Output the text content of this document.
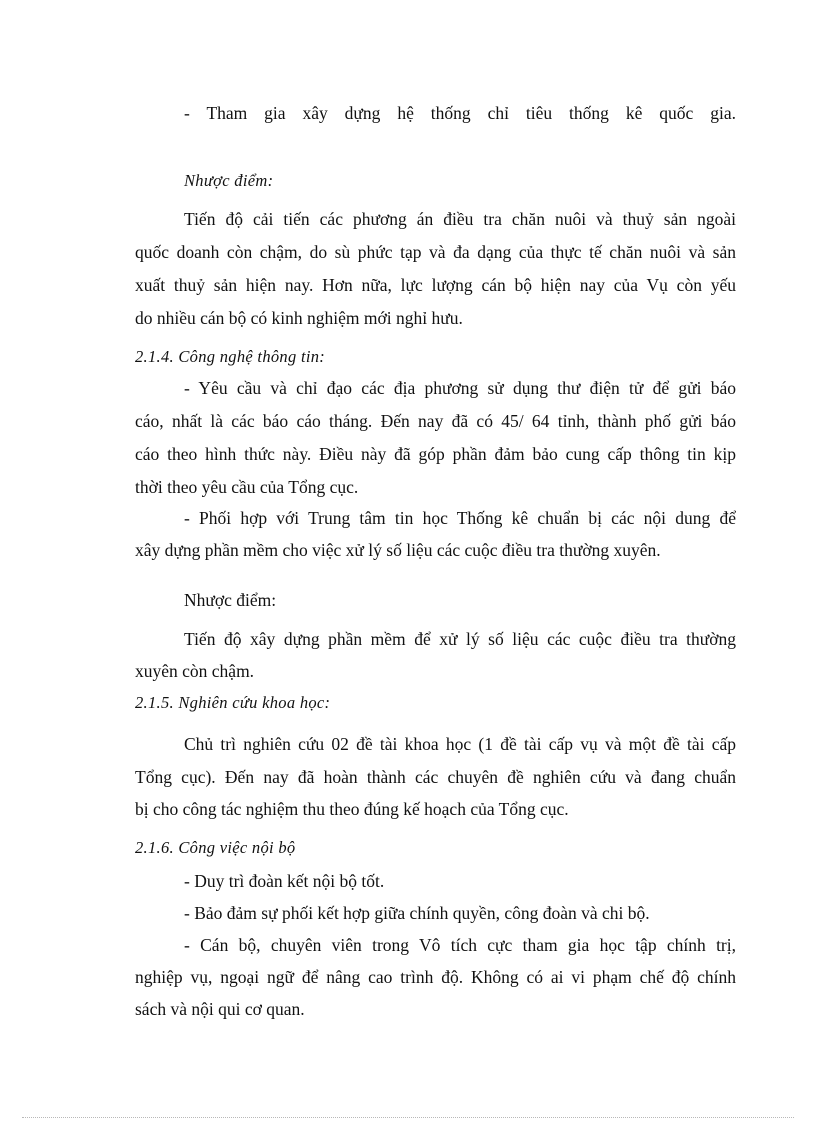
- Tham gia xây dựng hệ thống chỉ tiêu thống kê quốc gia.
Nhược điểm:
Tiến độ cải tiến các phương án điều tra chăn nuôi và thuỷ sản ngoài
quốc doanh còn chậm, do sù phức tạp và đa dạng của thực tế chăn nuôi và sản
xuất thuỷ sản hiện nay. Hơn nữa, lực lượng cán bộ hiện nay của Vụ còn yếu
do nhiều cán bộ có kinh nghiệm mới nghỉ hưu.
2.1.4. Công nghệ thông tin:
- Yêu cầu và chỉ đạo các địa phương sử dụng thư điện tử để gửi báo
cáo, nhất là các báo cáo tháng. Đến nay đã có 45/ 64 tỉnh, thành phố gửi báo
cáo theo hình thức này. Điều này đã góp phần đảm bảo cung cấp thông tin kịp
thời theo yêu cầu của Tổng cục.
- Phối hợp với Trung tâm tin học Thống kê chuẩn bị các nội dung để
xây dựng phần mềm cho việc xử lý số liệu các cuộc điều tra thường xuyên.
Nhược điểm:
Tiến độ xây dựng phần mềm để xử lý số liệu các cuộc điều tra thường
xuyên còn chậm.
2.1.5. Nghiên cứu khoa học:
Chủ trì nghiên cứu 02 đề tài khoa học (1 đề tài cấp vụ và một đề tài cấp
Tổng cục). Đến nay đã hoàn thành các chuyên đề nghiên cứu và đang chuẩn
bị cho công tác nghiệm thu theo đúng kế hoạch của Tổng cục.
2.1.6. Công việc nội bộ
- Duy trì đoàn kết nội bộ tốt.
- Bảo đảm sự phối kết hợp giữa chính quyền, công đoàn và chi bộ.
- Cán bộ, chuyên viên trong Vô tích cực tham gia học tập chính trị,
nghiệp vụ, ngoại ngữ để nâng cao trình độ. Không có ai vi phạm chế độ chính
sách và nội qui cơ quan.
